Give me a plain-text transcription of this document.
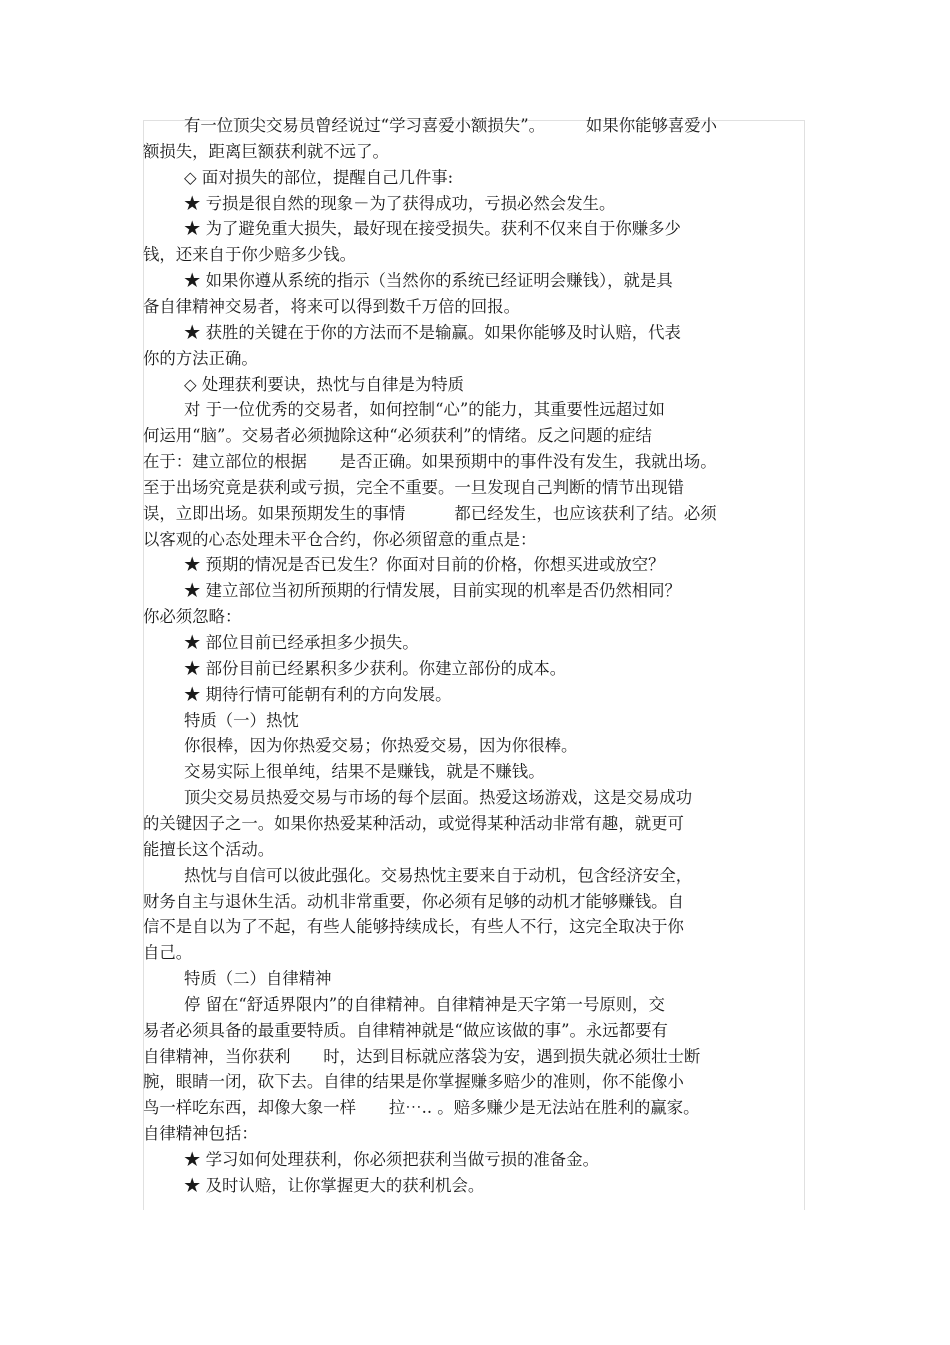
有一位顶尖交易员曾经说过“学习喜爱小额损失”。　　　如果你能够喜爱小
额损失，距离巨额获利就不远了。
◇ 面对损失的部位，提醒自己几件事:
★ 亏损是很自然的现象－为了获得成功，亏损必然会发生。
★ 为了避免重大损失，最好现在接受损失。获利不仅来自于你赚多少
钱，还来自于你少赔多少钱。
★ 如果你遵从系统的指示（当然你的系统已经证明会赚钱），就是具
备自律精神交易者，将来可以得到数千万倍的回报。
★ 获胜的关键在于你的方法而不是输赢。如果你能够及时认赔，代表
你的方法正确。
◇ 处理获利要诀，热忱与自律是为特质
对 于一位优秀的交易者，如何控制“心”的能力，其重要性远超过如
何运用“脑”。交易者必须抛除这种“必须获利”的情绪。反之问题的症结
在于：建立部位的根据　　是否正确。如果预期中的事件没有发生，我就出场。
至于出场究竟是获利或亏损，完全不重要。一旦发现自己判断的情节出现错
误，立即出场。如果预期发生的事情　　　都已经发生，也应该获利了结。必须
以客观的心态处理未平仓合约，你必须留意的重点是：
★ 预期的情况是否已发生？你面对目前的价格，你想买进或放空？
★ 建立部位当初所预期的行情发展，目前实现的机率是否仍然相同？
你必须忽略：
★ 部位目前已经承担多少损失。
★ 部份目前已经累积多少获利。你建立部份的成本。
★ 期待行情可能朝有利的方向发展。
特质（一）热忱
你很棒，因为你热爱交易；你热爱交易，因为你很棒。
交易实际上很单纯，结果不是赚钱，就是不赚钱。
顶尖交易员热爱交易与市场的每个层面。热爱这场游戏，这是交易成功
的关键因子之一。如果你热爱某种活动，或觉得某种活动非常有趣，就更可
能擅长这个活动。
热忱与自信可以彼此强化。交易热忱主要来自于动机，包含经济安全，
财务自主与退休生活。动机非常重要，你必须有足够的动机才能够赚钱。自
信不是自以为了不起，有些人能够持续成长，有些人不行，这完全取决于你
自己。
特质（二）自律精神
停 留在“舒适界限内”的自律精神。自律精神是天字第一号原则，交
易者必须具备的最重要特质。自律精神就是“做应该做的事”。永远都要有
自律精神，当你获利　　时，达到目标就应落袋为安，遇到损失就必须壮士断
腕，眼睛一闭，砍下去。自律的结果是你掌握赚多赔少的准则，你不能像小
鸟一样吃东西，却像大象一样　　拉⋯.. 。赔多赚少是无法站在胜利的赢家。
自律精神包括：
★ 学习如何处理获利，你必须把获利当做亏损的准备金。
★ 及时认赔，让你掌握更大的获利机会。
